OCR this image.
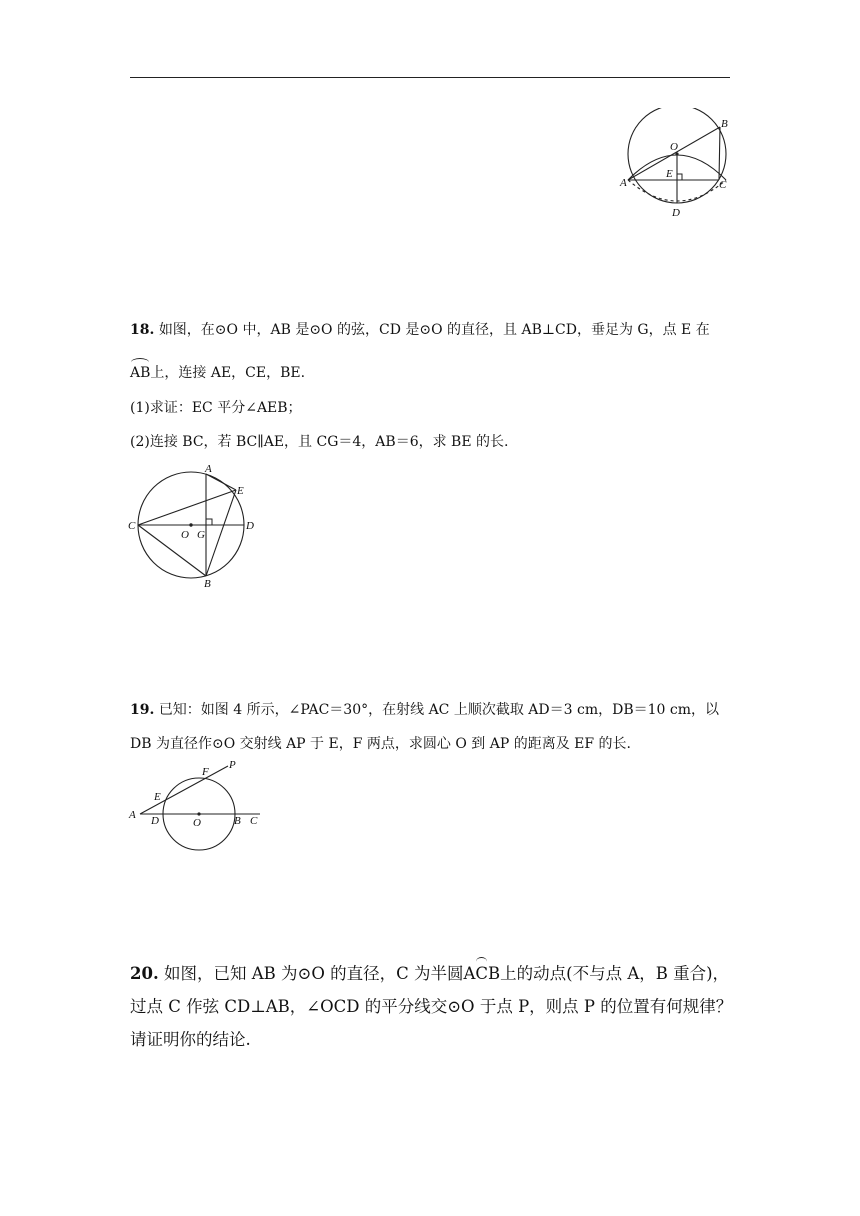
B
O
E
A	C
D
18. 如图，在⊙O 中，AB 是⊙O 的弦，CD 是⊙O 的直径，且 AB⊥CD，垂足为 G，点 E 在
AB上，连接 AE，CE，BE.
(1)求证：EC 平分∠AEB；
(2)连接 BC，若 BC∥AE，且 CG＝4，AB＝6，求 BE 的长.
A
E
C	D
O G
B
19. 已知：如图 4 所示，∠PAC＝30°，在射线 AC 上顺次截取 AD＝3 cm，DB＝10 cm，以
DB 为直径作⊙O 交射线 AP 于 E，F 两点，求圆心 O 到 AP 的距离及 EF 的长.
P
F
E
A D	O	B C
20. 如图，已知 AB 为⊙O 的直径，C 为半圆ACB上的动点(不与点 A，B 重合)，
过点 C 作弦 CD⊥AB，∠OCD 的平分线交⊙O 于点 P，则点 P 的位置有何规律？
请证明你的结论.
